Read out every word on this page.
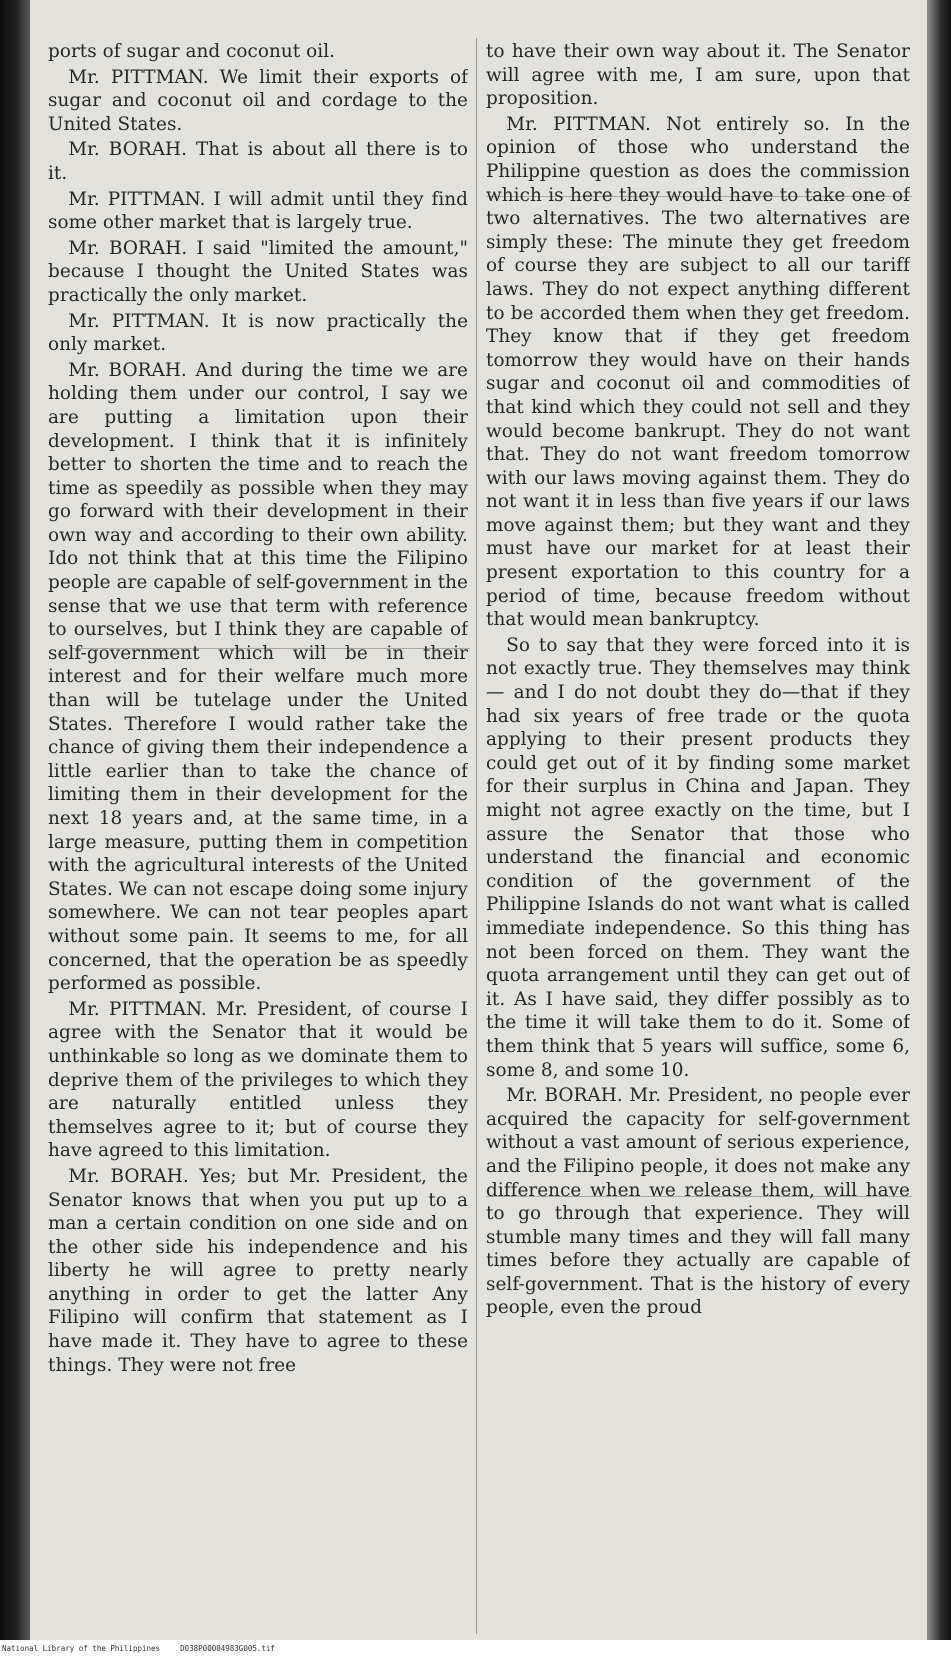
ports of sugar and coconut oil.

Mr. PITTMAN. We limit their exports of sugar and coconut oil and cordage to the United States.

Mr. BORAH. That is about all there is to it.

Mr. PITTMAN. I will admit until they find some other market that is largely true.

Mr. BORAH. I said "limited the amount," because I thought the United States was practically the only market.

Mr. PITTMAN. It is now practically the only market.

Mr. BORAH. And during the time we are holding them under our control, I say we are putting a limitation upon their development. I think that it is infinitely better to shorten the time and to reach the time as speedily as possible when they may go forward with their development in their own way and according to their own ability. Ido not think that at this time the Filipino people are capable of self-government in the sense that we use that term with reference to ourselves, but I think they are capable of self-government which will be in their interest and for their welfare much more than will be tutelage under the United States. Therefore I would rather take the chance of giving them their independence a little earlier than to take the chance of limiting them in their development for the next 18 years and, at the same time, in a large measure, putting them in competition with the agricultural interests of the United States. We can not escape doing some injury somewhere. We can not tear peoples apart without some pain. It seems to me, for all concerned, that the operation be as speedly performed as possible.

Mr. PITTMAN. Mr. President, of course I agree with the Senator that it would be unthinkable so long as we dominate them to deprive them of the privileges to which they are naturally entitled unless they themselves agree to it; but of course they have agreed to this limitation.

Mr. BORAH. Yes; but Mr. President, the Senator knows that when you put up to a man a certain condition on one side and on the other side his independence and his liberty he will agree to pretty nearly anything in order to get the latter Any Filipino will confirm that statement as I have made it. They have to agree to these things. They were not free

to have their own way about it. The Senator will agree with me, I am sure, upon that proposition.

Mr. PITTMAN. Not entirely so. In the opinion of those who understand the Philippine question as does the commission which is here they would have to take one of two alternatives. The two alternatives are simply these: The minute they get freedom of course they are subject to all our tariff laws. They do not expect anything different to be accorded them when they get freedom. They know that if they get freedom tomorrow they would have on their hands sugar and coconut oil and commodities of that kind which they could not sell and they would become bankrupt. They do not want that. They do not want freedom tomorrow with our laws moving against them. They do not want it in less than five years if our laws move against them; but they want and they must have our market for at least their present exportation to this country for a period of time, because freedom without that would mean bankruptcy.

So to say that they were forced into it is not exactly true. They themselves may think — and I do not doubt they do—that if they had six years of free trade or the quota applying to their present products they could get out of it by finding some market for their surplus in China and Japan. They might not agree exactly on the time, but I assure the Senator that those who understand the financial and economic condition of the government of the Philippine Islands do not want what is called immediate independence. So this thing has not been forced on them. They want the quota arrangement until they can get out of it. As I have said, they differ possibly as to the time it will take them to do it. Some of them think that 5 years will suffice, some 6, some 8, and some 10.

Mr. BORAH. Mr. President, no people ever acquired the capacity for self-government without a vast amount of serious experience, and the Filipino people, it does not make any difference when we release them, will have to go through that experience. They will stumble many times and they will fall many times before they actually are capable of self-government. That is the history of every people, even the proud

National Library of the Philippines	D038P00004983G005.tif
